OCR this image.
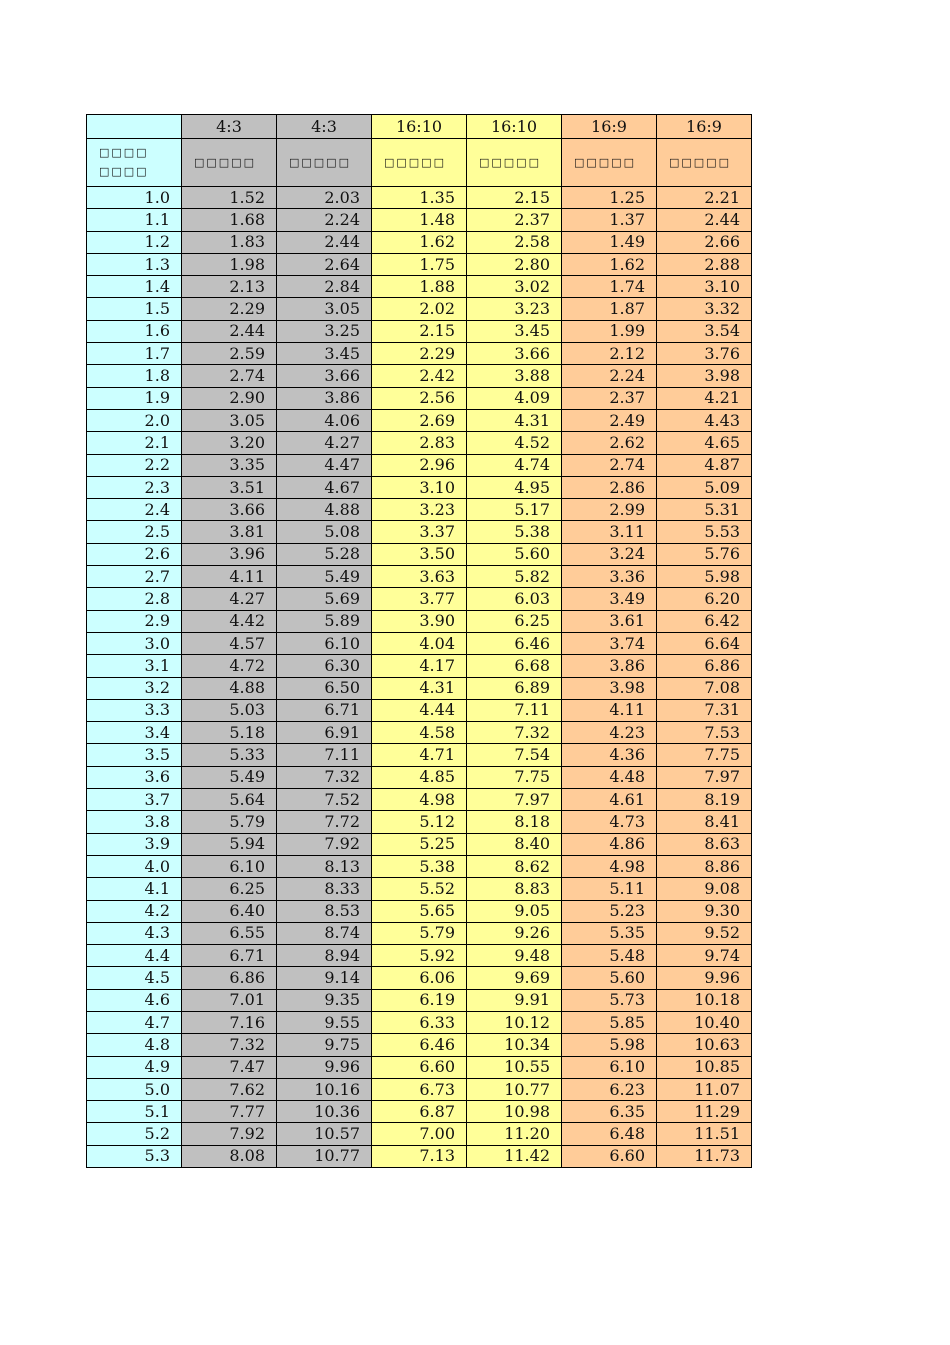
	4:3	4:3	16:10	16:10	16:9	16:9
□□□□
□□□□	□□□□□	□□□□□	□□□□□	□□□□□	□□□□□	□□□□□
1.0	1.52	2.03	1.35	2.15	1.25	2.21
1.1	1.68	2.24	1.48	2.37	1.37	2.44
1.2	1.83	2.44	1.62	2.58	1.49	2.66
1.3	1.98	2.64	1.75	2.80	1.62	2.88
1.4	2.13	2.84	1.88	3.02	1.74	3.10
1.5	2.29	3.05	2.02	3.23	1.87	3.32
1.6	2.44	3.25	2.15	3.45	1.99	3.54
1.7	2.59	3.45	2.29	3.66	2.12	3.76
1.8	2.74	3.66	2.42	3.88	2.24	3.98
1.9	2.90	3.86	2.56	4.09	2.37	4.21
2.0	3.05	4.06	2.69	4.31	2.49	4.43
2.1	3.20	4.27	2.83	4.52	2.62	4.65
2.2	3.35	4.47	2.96	4.74	2.74	4.87
2.3	3.51	4.67	3.10	4.95	2.86	5.09
2.4	3.66	4.88	3.23	5.17	2.99	5.31
2.5	3.81	5.08	3.37	5.38	3.11	5.53
2.6	3.96	5.28	3.50	5.60	3.24	5.76
2.7	4.11	5.49	3.63	5.82	3.36	5.98
2.8	4.27	5.69	3.77	6.03	3.49	6.20
2.9	4.42	5.89	3.90	6.25	3.61	6.42
3.0	4.57	6.10	4.04	6.46	3.74	6.64
3.1	4.72	6.30	4.17	6.68	3.86	6.86
3.2	4.88	6.50	4.31	6.89	3.98	7.08
3.3	5.03	6.71	4.44	7.11	4.11	7.31
3.4	5.18	6.91	4.58	7.32	4.23	7.53
3.5	5.33	7.11	4.71	7.54	4.36	7.75
3.6	5.49	7.32	4.85	7.75	4.48	7.97
3.7	5.64	7.52	4.98	7.97	4.61	8.19
3.8	5.79	7.72	5.12	8.18	4.73	8.41
3.9	5.94	7.92	5.25	8.40	4.86	8.63
4.0	6.10	8.13	5.38	8.62	4.98	8.86
4.1	6.25	8.33	5.52	8.83	5.11	9.08
4.2	6.40	8.53	5.65	9.05	5.23	9.30
4.3	6.55	8.74	5.79	9.26	5.35	9.52
4.4	6.71	8.94	5.92	9.48	5.48	9.74
4.5	6.86	9.14	6.06	9.69	5.60	9.96
4.6	7.01	9.35	6.19	9.91	5.73	10.18
4.7	7.16	9.55	6.33	10.12	5.85	10.40
4.8	7.32	9.75	6.46	10.34	5.98	10.63
4.9	7.47	9.96	6.60	10.55	6.10	10.85
5.0	7.62	10.16	6.73	10.77	6.23	11.07
5.1	7.77	10.36	6.87	10.98	6.35	11.29
5.2	7.92	10.57	7.00	11.20	6.48	11.51
5.3	8.08	10.77	7.13	11.42	6.60	11.73
